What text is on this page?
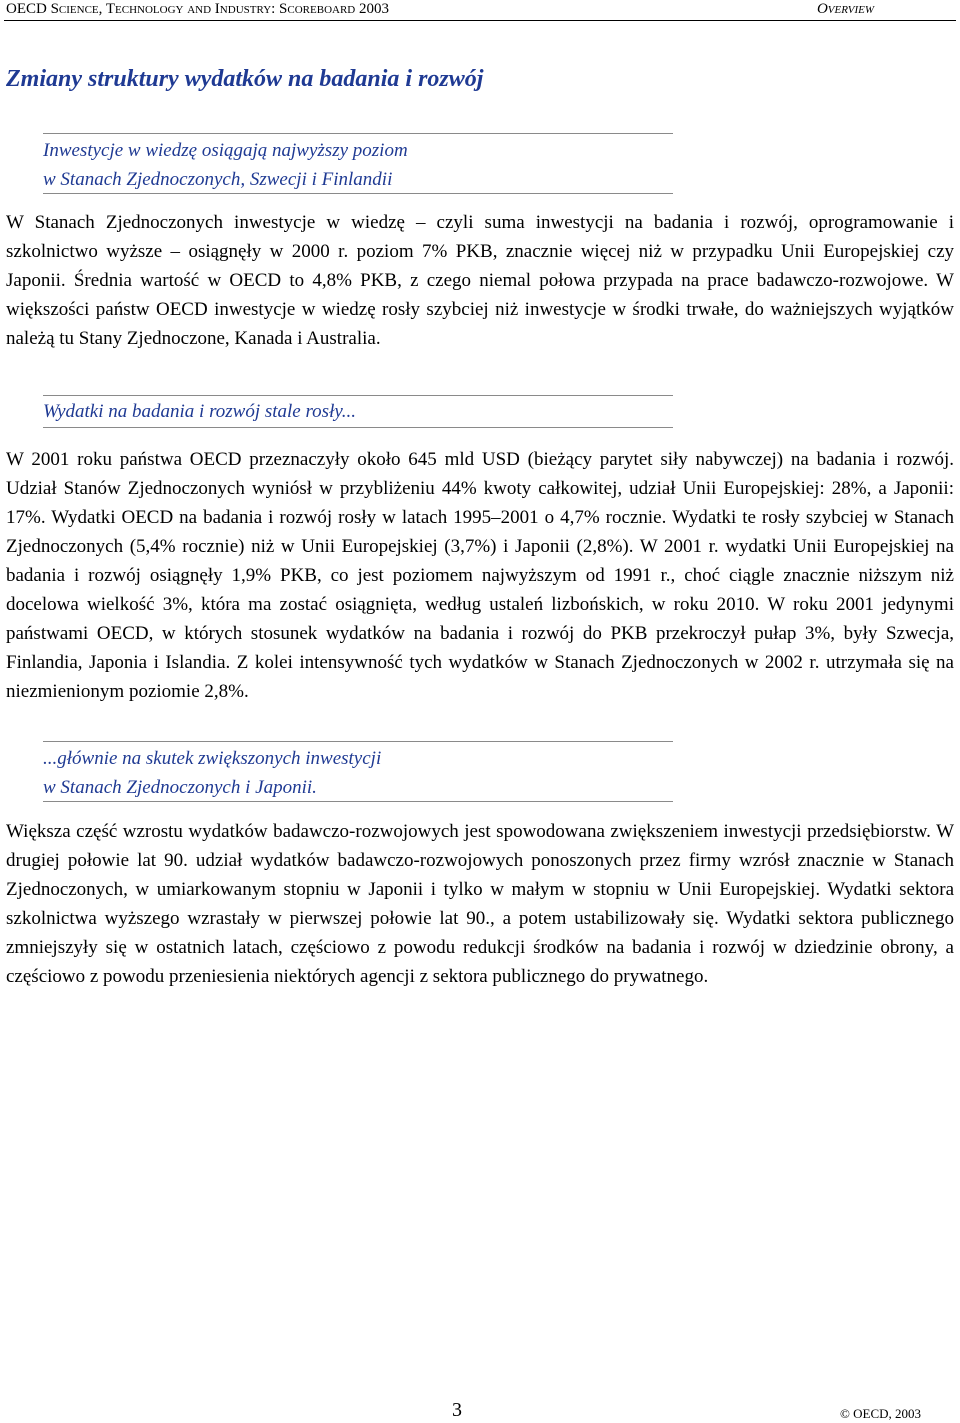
OECD Science, Technology and Industry: Scoreboard 2003	Overview
Zmiany struktury wydatków na badania i rozwój
Inwestycje w wiedzę osiągają najwyższy poziom
w Stanach Zjednoczonych, Szwecji i Finlandii

W Stanach Zjednoczonych inwestycje w wiedzę – czyli suma inwestycji na badania i rozwój, oprogramowanie i szkolnictwo wyższe – osiągnęły w 2000 r. poziom 7% PKB, znacznie więcej niż w przypadku Unii Europejskiej czy Japonii. Średnia wartość w OECD to 4,8% PKB, z czego niemal połowa przypada na prace badawczo-rozwojowe. W większości państw OECD inwestycje w wiedzę rosły szybciej niż inwestycje w środki trwałe, do ważniejszych wyjątków należą tu Stany Zjednoczone, Kanada i Australia.

Wydatki na badania i rozwój stale rosły...

W 2001 roku państwa OECD przeznaczyły około 645 mld USD (bieżący parytet siły nabywczej) na badania i rozwój. Udział Stanów Zjednoczonych wyniósł w przybliżeniu 44% kwoty całkowitej, udział Unii Europejskiej: 28%, a Japonii: 17%. Wydatki OECD na badania i rozwój rosły w latach 1995–2001 o 4,7% rocznie. Wydatki te rosły szybciej w Stanach Zjednoczonych (5,4% rocznie) niż w Unii Europejskiej (3,7%) i Japonii (2,8%). W 2001 r. wydatki Unii Europejskiej na badania i rozwój osiągnęły 1,9% PKB, co jest poziomem najwyższym od 1991 r., choć ciągle znacznie niższym niż docelowa wielkość 3%, która ma zostać osiągnięta, według ustaleń lizbońskich, w roku 2010. W roku 2001 jedynymi państwami OECD, w których stosunek wydatków na badania i rozwój do PKB przekroczył pułap 3%, były Szwecja, Finlandia, Japonia i Islandia. Z kolei intensywność tych wydatków w Stanach Zjednoczonych w 2002 r. utrzymała się na niezmienionym poziomie 2,8%.

...głównie na skutek zwiększonych inwestycji
w Stanach Zjednoczonych i Japonii.

Większa część wzrostu wydatków badawczo-rozwojowych jest spowodowana zwiększeniem inwestycji przedsiębiorstw. W drugiej połowie lat 90. udział wydatków badawczo-rozwojowych ponoszonych przez firmy wzrósł znacznie w Stanach Zjednoczonych, w umiarkowanym stopniu w Japonii i tylko w małym w stopniu w Unii Europejskiej. Wydatki sektora szkolnictwa wyższego wzrastały w pierwszej połowie lat 90., a potem ustabilizowały się. Wydatki sektora publicznego zmniejszyły się w ostatnich latach, częściowo z powodu redukcji środków na badania i rozwój w dziedzinie obrony, a częściowo z powodu przeniesienia niektórych agencji z sektora publicznego do prywatnego.

3	© OECD, 2003
